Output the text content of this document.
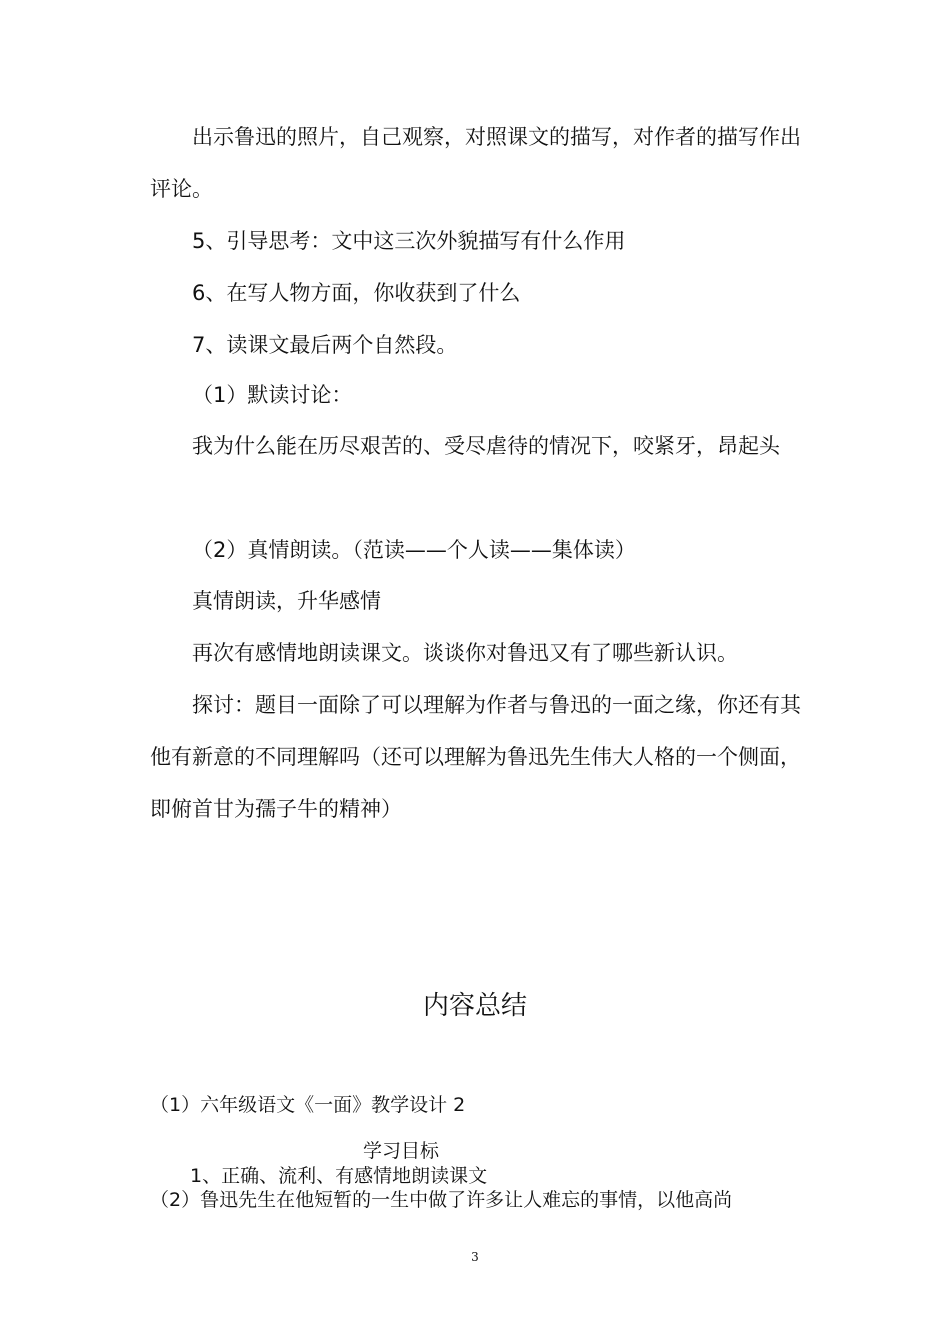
出示鲁迅的照片，自己观察，对照课文的描写，对作者的描写作出评论。

5、引导思考：文中这三次外貌描写有什么作用

6、在写人物方面，你收获到了什么

7、读课文最后两个自然段。

（1）默读讨论：

我为什么能在历尽艰苦的、受尽虐待的情况下，咬紧牙，昂起头

（2）真情朗读。（范读——个人读——集体读）

真情朗读，升华感情

再次有感情地朗读课文。谈谈你对鲁迅又有了哪些新认识。

探讨：题目一面除了可以理解为作者与鲁迅的一面之缘，你还有其他有新意的不同理解吗（还可以理解为鲁迅先生伟大人格的一个侧面，即俯首甘为孺子牛的精神）

内容总结

（1）六年级语文《一面》教学设计 2

学习目标

1、正确、流利、有感情地朗读课文

（2）鲁迅先生在他短暂的一生中做了许多让人难忘的事情，以他高尚

3
